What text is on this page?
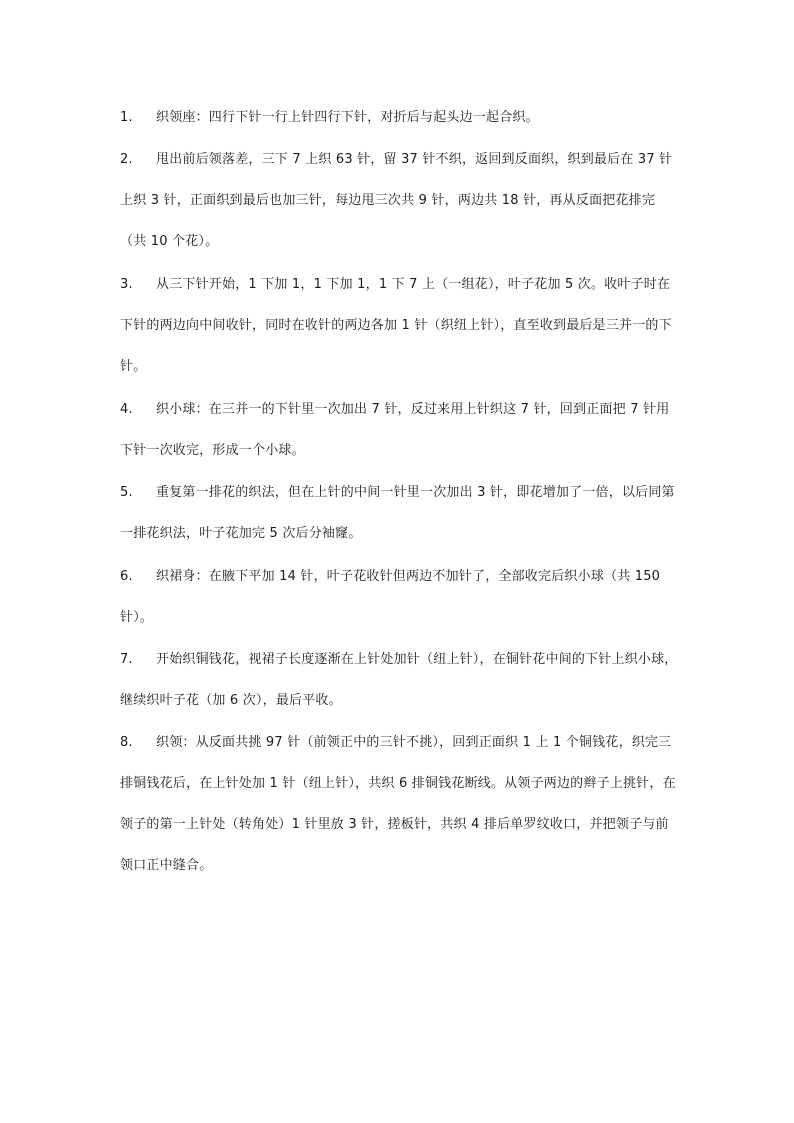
1. 织领座：四行下针一行上针四行下针，对折后与起头边一起合织。

2. 甩出前后领落差，三下 7 上织 63 针，留 37 针不织，返回到反面织，织到最后在 37 针上织 3 针，正面织到最后也加三针，每边甩三次共 9 针，两边共 18 针，再从反面把花排完（共 10 个花）。

3. 从三下针开始，1 下加 1，1 下加 1，1 下 7 上（一组花），叶子花加 5 次。收叶子时在下针的两边向中间收针，同时在收针的两边各加 1 针（织纽上针），直至收到最后是三并一的下针。

4. 织小球：在三并一的下针里一次加出 7 针，反过来用上针织这 7 针，回到正面把 7 针用下针一次收完，形成一个小球。

5. 重复第一排花的织法，但在上针的中间一针里一次加出 3 针，即花增加了一倍，以后同第一排花织法，叶子花加完 5 次后分袖窿。

6. 织裙身：在腋下平加 14 针，叶子花收针但两边不加针了，全部收完后织小球（共 150 针）。

7. 开始织铜钱花，视裙子长度逐渐在上针处加针（纽上针），在铜针花中间的下针上织小球，继续织叶子花（加 6 次），最后平收。

8. 织领：从反面共挑 97 针（前领正中的三针不挑），回到正面织 1 上 1 个铜钱花，织完三排铜钱花后，在上针处加 1 针（纽上针），共织 6 排铜钱花断线。从领子两边的辫子上挑针，在领子的第一上针处（转角处）1 针里放 3 针，搓板针，共织 4 排后单罗纹收口，并把领子与前领口正中缝合。
